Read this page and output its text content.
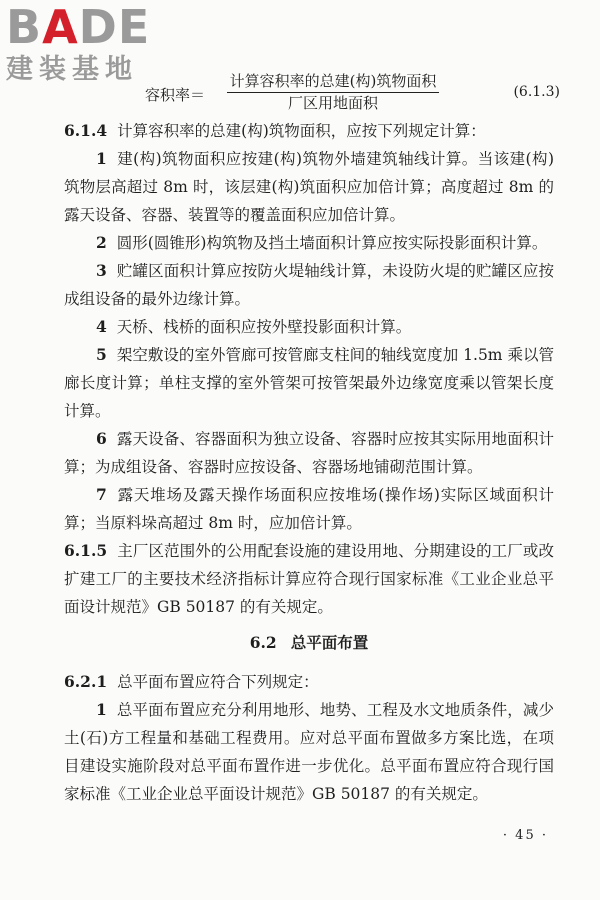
BADE
建装基地
容积率＝
计算容积率的总建(构)筑物面积
厂区用地面积
(6.1.3)

6.1.4 计算容积率的总建(构)筑物面积，应按下列规定计算：

1 建(构)筑物面积应按建(构)筑物外墙建筑轴线计算。当该建(构)筑物层高超过 8m 时，该层建(构)筑面积应加倍计算；高度超过 8m 的露天设备、容器、装置等的覆盖面积应加倍计算。

2 圆形(圆锥形)构筑物及挡土墙面积计算应按实际投影面积计算。

3 贮罐区面积计算应按防火堤轴线计算，未设防火堤的贮罐区应按成组设备的最外边缘计算。

4 天桥、栈桥的面积应按外壁投影面积计算。

5 架空敷设的室外管廊可按管廊支柱间的轴线宽度加 1.5m 乘以管廊长度计算；单柱支撑的室外管架可按管架最外边缘宽度乘以管架长度计算。

6 露天设备、容器面积为独立设备、容器时应按其实际用地面积计算；为成组设备、容器时应按设备、容器场地铺砌范围计算。

7 露天堆场及露天操作场面积应按堆场(操作场)实际区域面积计算；当原料垛高超过 8m 时，应加倍计算。

6.1.5 主厂区范围外的公用配套设施的建设用地、分期建设的工厂或改扩建工厂的主要技术经济指标计算应符合现行国家标准《工业企业总平面设计规范》GB 50187 的有关规定。

6.2 总平面布置

6.2.1 总平面布置应符合下列规定：

1 总平面布置应充分利用地形、地势、工程及水文地质条件，减少土(石)方工程量和基础工程费用。应对总平面布置做多方案比选，在项目建设实施阶段对总平面布置作进一步优化。总平面布置应符合现行国家标准《工业企业总平面设计规范》GB 50187 的有关规定。

· 45 ·
